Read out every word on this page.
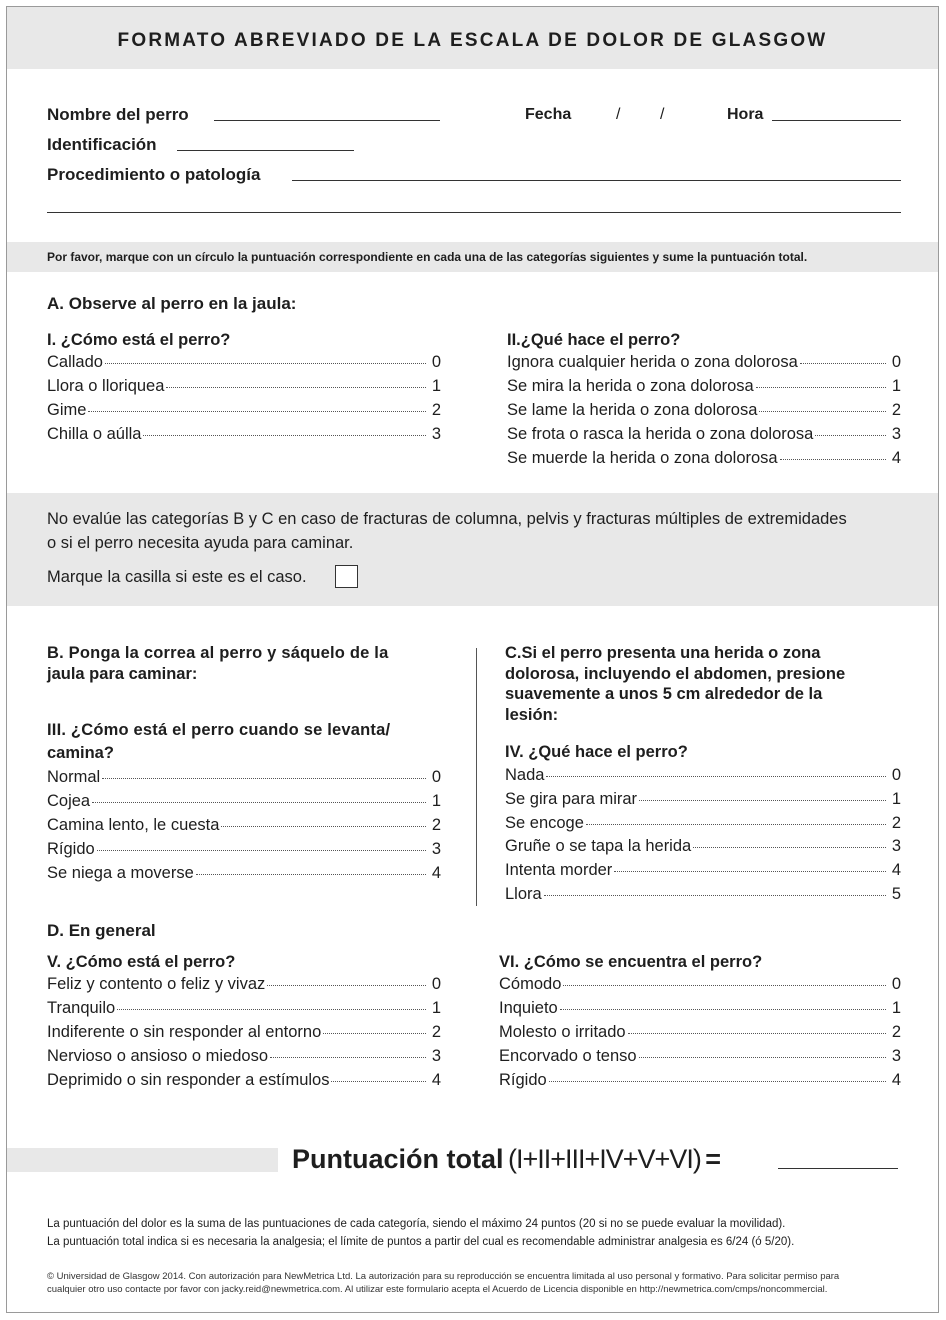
FORMATO ABREVIADO DE LA ESCALA DE DOLOR DE GLASGOW
Nombre del perro	Fecha	/ /	Hora
Identificación
Procedimiento o patología
Por favor, marque con un círculo la puntuación correspondiente en cada una de las categorías siguientes y sume la puntuación total.
A. Observe al perro en la jaula:
I. ¿Cómo está el perro?
Callado	0
Llora o lloriquea	1
Gime	2
Chilla o aúlla	3
II.¿Qué hace el perro?
Ignora cualquier herida o zona dolorosa	0
Se mira la herida o zona dolorosa	1
Se lame la herida o zona dolorosa	2
Se frota o rasca la herida o zona dolorosa	3
Se muerde la herida o zona dolorosa	4
No evalúe las categorías B y C en caso de fracturas de columna, pelvis y fracturas múltiples de extremidades
o si el perro necesita ayuda para caminar.
Marque la casilla si este es el caso.
B. Ponga la correa al perro y sáquelo de la
jaula para caminar:
III. ¿Cómo está el perro cuando se levanta/
camina?
Normal	0
Cojea	1
Camina lento, le cuesta	2
Rígido	3
Se niega a moverse	4
C.Si el perro presenta una herida o zona
dolorosa, incluyendo el abdomen, presione
suavemente a unos 5 cm alrededor de la
lesión:
IV. ¿Qué hace el perro?
Nada	0
Se gira para mirar	1
Se encoge	2
Gruñe o se tapa la herida	3
Intenta morder	4
Llora	5
D. En general
V. ¿Cómo está el perro?
Feliz y contento o feliz y vivaz	0
Tranquilo	1
Indiferente o sin responder al entorno	2
Nervioso o ansioso o miedoso	3
Deprimido o sin responder a estímulos	4
VI. ¿Cómo se encuentra el perro?
Cómodo	0
Inquieto	1
Molesto o irritado	2
Encorvado o tenso	3
Rígido	4
Puntuación total (I+II+III+IV+V+VI) =
La puntuación del dolor es la suma de las puntuaciones de cada categoría, siendo el máximo 24 puntos (20 si no se puede evaluar la movilidad).
La puntuación total indica si es necesaria la analgesia; el límite de puntos a partir del cual es recomendable administrar analgesia es 6/24 (ó 5/20).
© Universidad de Glasgow 2014. Con autorización para NewMetrica Ltd. La autorización para su reproducción se encuentra limitada al uso personal y formativo. Para solicitar permiso para
cualquier otro uso contacte por favor con jacky.reid@newmetrica.com. Al utilizar este formulario acepta el Acuerdo de Licencia disponible en http://newmetrica.com/cmps/noncommercial.
